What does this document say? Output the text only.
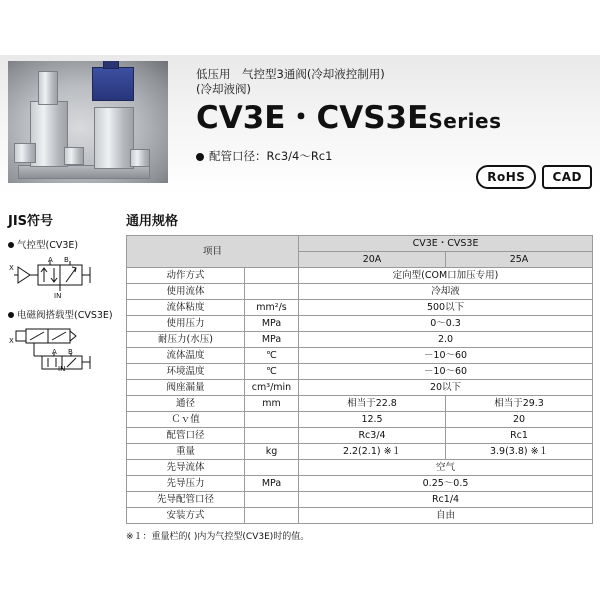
低压用　气控型3通阀(冷却液控制用)
(冷却液阀)
CV3E・CVS3ESeries
配管口径：Rc3/4～Rc1
RoHS	CAD
JIS符号
气控型(CV3E)
X
A B
IN
电磁阀搭载型(CVS3E)
X
A B
IN
通用规格
项目		CV3E・CVS3E	
		20A	25A
动作方式		定向型(COM口加压专用)	
使用流体		冷却液	
流体粘度	mm²/s	500以下	
使用压力	MPa	0～0.3	
耐压力(水压)	MPa	2.0	
流体温度	℃	－10～60	
环境温度	℃	－10～60	
阀座漏量	cm³/min	20以下	
通径	mm	相当于22.8	相当于29.3
Ｃｖ值		12.5	20
配管口径		Rc3/4	Rc1
重量	kg	2.2(2.1) ※１	3.9(3.8) ※１
先导流体		空气	
先导压力	MPa	0.25～0.5	
先导配管口径		Rc1/4	
安装方式		自由	
※１：重量栏的( )内为气控型(CV3E)时的值。
